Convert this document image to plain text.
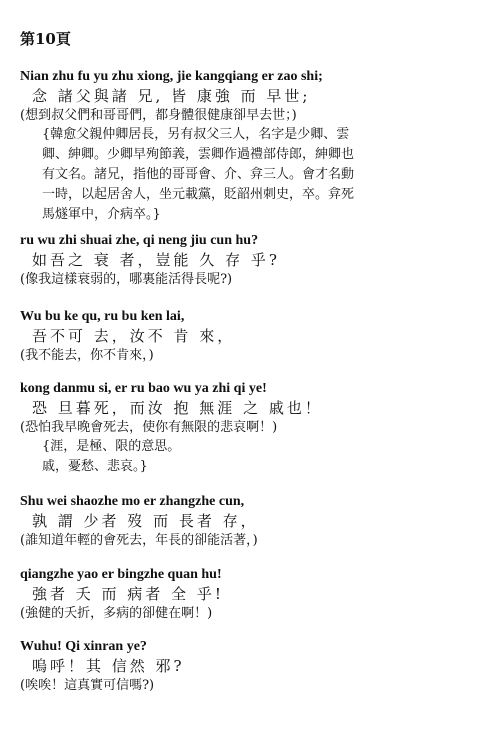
第10頁
Nian zhu fu yu zhu xiong, jie kangqiang er zao shi;
念 諸父與諸 兄, 皆 康強 而 早世;
(想到叔父們和哥哥們，都身體很健康卻早去世；)
{韓愈父親仲卿居長，另有叔父三人，名字是少卿、雲
卿、紳卿。少卿早殉節義，雲卿作過禮部侍郎，紳卿也
有文名。諸兄，指他的哥哥會、介、弇三人。會才名動
一時，以起居舍人，坐元載黨，貶韶州刺史，卒。弇死
馬燧軍中，介病卒。}
ru wu zhi shuai zhe, qi neng jiu cun hu?
如吾之 衰 者，豈能 久 存 乎?
(像我這樣衰弱的，哪裏能活得長呢?)
Wu bu ke qu, ru bu ken lai,
吾不可 去，汝不 肯 來，
(我不能去，你不肯來，)
kong danmu si, er ru bao wu ya zhi qi ye!
恐 旦暮死，而汝 抱 無涯 之 戚也！
(恐怕我早晚會死去，使你有無限的悲哀啊！)
{涯，是極、限的意思。
戚，憂愁、悲哀。}
Shu wei shaozhe mo er zhangzhe cun,
孰 謂 少者 歿 而 長者 存，
(誰知道年輕的會死去，年長的卻能活著，)
qiangzhe yao er bingzhe quan hu!
強者 夭 而 病者 全 乎!
(強健的夭折，多病的卻健在啊！)
Wuhu! Qi xinran ye?
嗚呼！其 信然 邪?
(唉唉！這真實可信嗎?)
